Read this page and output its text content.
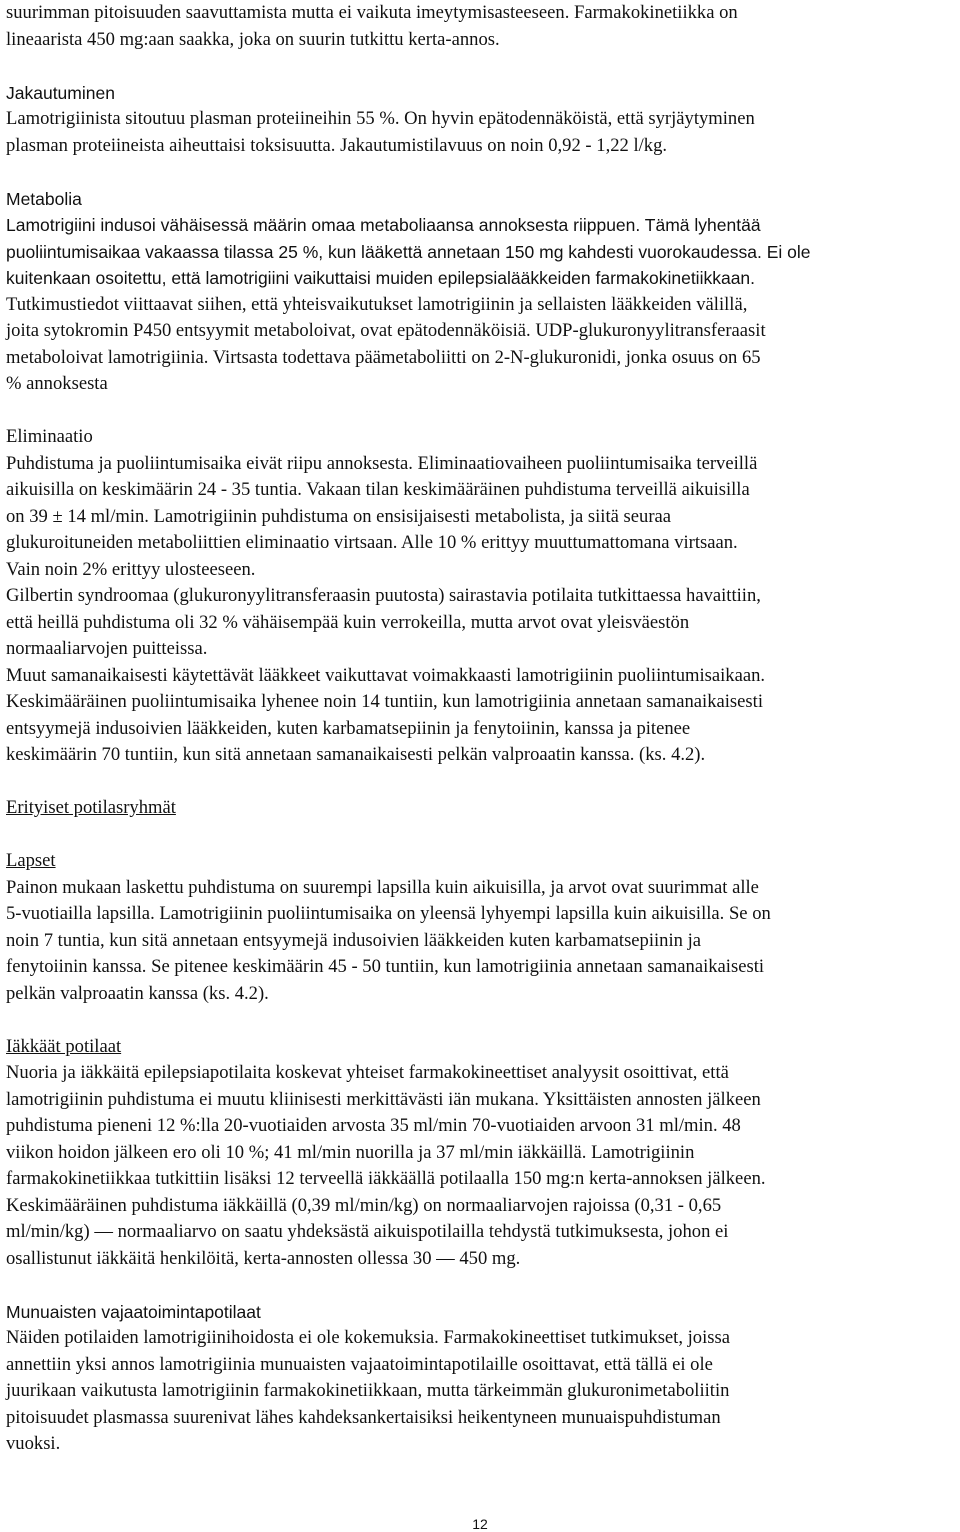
suurimman pitoisuuden saavuttamista mutta ei vaikuta imeytymisasteeseen. Farmakokinetiikka on

lineaarista 450 mg:aan saakka, joka on suurin tutkittu kerta-annos.

Jakautuminen

Lamotrigiinista sitoutuu plasman proteiineihin 55 %. On hyvin epätodennäköistä, että syrjäytyminen

plasman proteiineista aiheuttaisi toksisuutta. Jakautumistilavuus on noin 0,92 - 1,22 l/kg.

Metabolia

Lamotrigiini indusoi vähäisessä määrin omaa metaboliaansa annoksesta riippuen. Tämä lyhentää

puoliintumisaikaa vakaassa tilassa 25 %, kun lääkettä annetaan 150 mg kahdesti vuorokaudessa. Ei ole

kuitenkaan osoitettu, että lamotrigiini vaikuttaisi muiden epilepsialääkkeiden farmakokinetiikkaan.

Tutkimustiedot viittaavat siihen, että yhteisvaikutukset lamotrigiinin ja sellaisten lääkkeiden välillä,

joita sytokromin P450 entsyymit metaboloivat, ovat epätodennäköisiä. UDP-glukuronyylitransferaasit

metaboloivat lamotrigiinia. Virtsasta todettava päämetaboliitti on 2-N-glukuronidi, jonka osuus on 65

% annoksesta

Eliminaatio

Puhdistuma ja puoliintumisaika eivät riipu annoksesta. Eliminaatiovaiheen puoliintumisaika terveillä

aikuisilla on keskimäärin 24 - 35 tuntia. Vakaan tilan keskimääräinen puhdistuma terveillä aikuisilla

on 39 ± 14 ml/min. Lamotrigiinin puhdistuma on ensisijaisesti metabolista, ja siitä seuraa

glukuroituneiden metaboliittien eliminaatio virtsaan. Alle 10 % erittyy muuttumattomana virtsaan.

Vain noin 2% erittyy ulosteeseen.

Gilbertin syndroomaa (glukuronyylitransferaasin puutosta) sairastavia potilaita tutkittaessa havaittiin,

että heillä puhdistuma oli 32 % vähäisempää kuin verrokeilla, mutta arvot ovat yleisväestön

normaaliarvojen puitteissa.

Muut samanaikaisesti käytettävät lääkkeet vaikuttavat voimakkaasti lamotrigiinin puoliintumisaikaan.

Keskimääräinen puoliintumisaika lyhenee noin 14 tuntiin, kun lamotrigiinia annetaan samanaikaisesti

entsyymejä indusoivien lääkkeiden, kuten karbamatsepiinin ja fenytoiinin, kanssa ja pitenee

keskimäärin 70 tuntiin, kun sitä annetaan samanaikaisesti pelkän valproaatin kanssa. (ks. 4.2).

Erityiset potilasryhmät

Lapset

Painon mukaan laskettu puhdistuma on suurempi lapsilla kuin aikuisilla, ja arvot ovat suurimmat alle

5-vuotiailla lapsilla. Lamotrigiinin puoliintumisaika on yleensä lyhyempi lapsilla kuin aikuisilla. Se on

noin 7 tuntia, kun sitä annetaan entsyymejä indusoivien lääkkeiden kuten karbamatsepiinin ja

fenytoiinin kanssa. Se pitenee keskimäärin 45 - 50 tuntiin, kun lamotrigiinia annetaan samanaikaisesti

pelkän valproaatin kanssa (ks. 4.2).

Iäkkäät potilaat

Nuoria ja iäkkäitä epilepsiapotilaita koskevat yhteiset farmakokineettiset analyysit osoittivat, että

lamotrigiinin puhdistuma ei muutu kliinisesti merkittävästi iän mukana. Yksittäisten annosten jälkeen

puhdistuma pieneni 12 %:lla 20-vuotiaiden arvosta 35 ml/min 70-vuotiaiden arvoon 31 ml/min. 48

viikon hoidon jälkeen ero oli 10 %; 41 ml/min nuorilla ja 37 ml/min iäkkäillä. Lamotrigiinin

farmakokinetiikkaa tutkittiin lisäksi 12 terveellä iäkkäällä potilaalla 150 mg:n kerta-annoksen jälkeen.

Keskimääräinen puhdistuma iäkkäillä (0,39 ml/min/kg) on normaaliarvojen rajoissa (0,31 - 0,65

ml/min/kg) — normaaliarvo on saatu yhdeksästä aikuispotilailla tehdystä tutkimuksesta, johon ei

osallistunut iäkkäitä henkilöitä, kerta-annosten ollessa 30 — 450 mg.

Munuaisten vajaatoimintapotilaat

Näiden potilaiden lamotrigiinihoidosta ei ole kokemuksia. Farmakokineettiset tutkimukset, joissa

annettiin yksi annos lamotrigiinia munuaisten vajaatoimintapotilaille osoittavat, että tällä ei ole

juurikaan vaikutusta lamotrigiinin farmakokinetiikkaan, mutta tärkeimmän glukuronimetaboliitin

pitoisuudet plasmassa suurenivat lähes kahdeksankertaisiksi heikentyneen munuaispuhdistuman

vuoksi.

12
